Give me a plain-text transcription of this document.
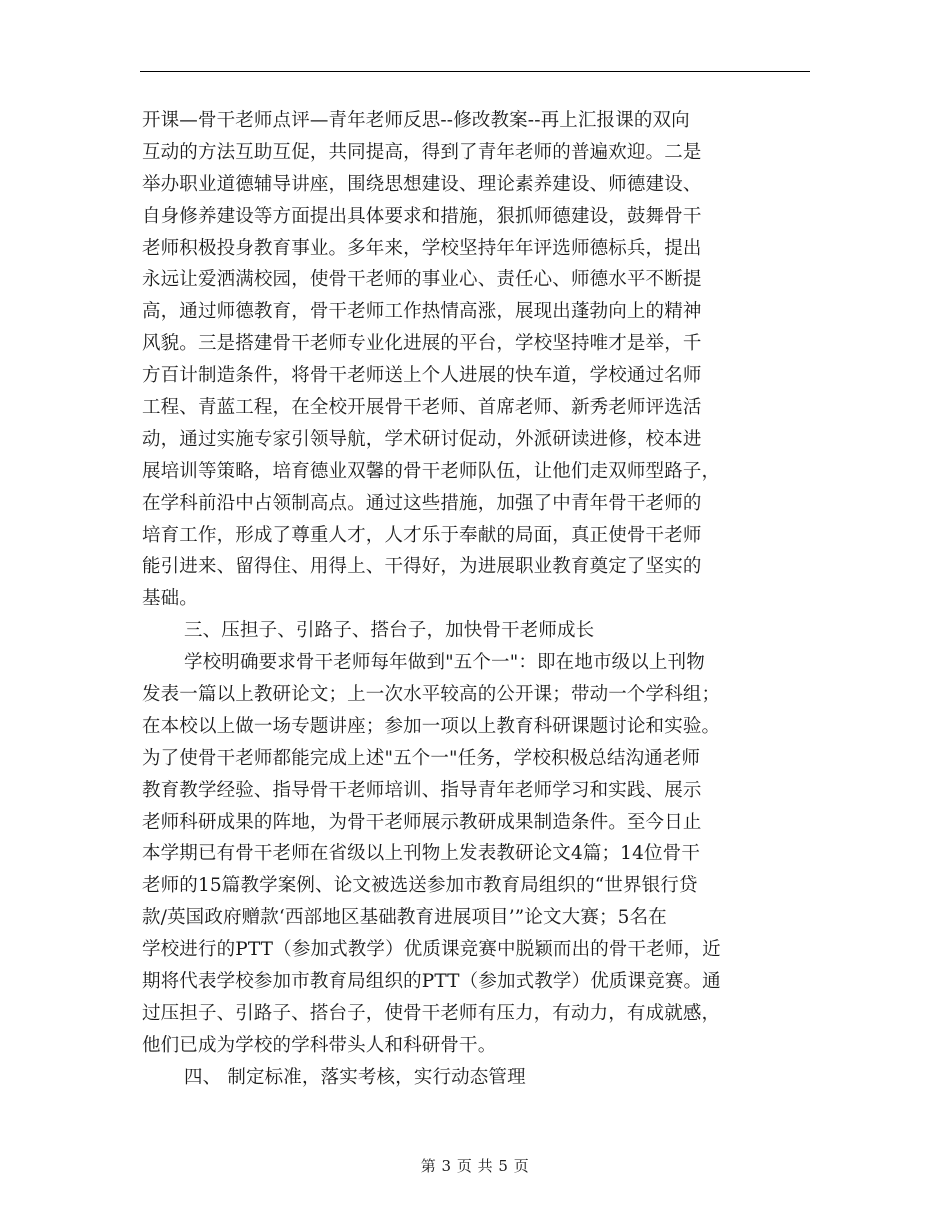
开课—骨干老师点评—青年老师反思--修改教案--再上汇报课的双向
互动的方法互助互促，共同提高，得到了青年老师的普遍欢迎。二是
举办职业道德辅导讲座，围绕思想建设、理论素养建设、师德建设、
自身修养建设等方面提出具体要求和措施，狠抓师德建设，鼓舞骨干
老师积极投身教育事业。多年来，学校坚持年年评选师德标兵，提出
永远让爱洒满校园，使骨干老师的事业心、责任心、师德水平不断提
高，通过师德教育，骨干老师工作热情高涨，展现出蓬勃向上的精神
风貌。三是搭建骨干老师专业化进展的平台，学校坚持唯才是举，千
方百计制造条件，将骨干老师送上个人进展的快车道，学校通过名师
工程、青蓝工程，在全校开展骨干老师、首席老师、新秀老师评选活
动，通过实施专家引领导航，学术研讨促动，外派研读进修，校本进
展培训等策略，培育德业双馨的骨干老师队伍，让他们走双师型路子，
在学科前沿中占领制高点。通过这些措施，加强了中青年骨干老师的
培育工作，形成了尊重人才，人才乐于奉献的局面，真正使骨干老师
能引进来、留得住、用得上、干得好，为进展职业教育奠定了坚实的
基础。
三、压担子、引路子、搭台子，加快骨干老师成长
学校明确要求骨干老师每年做到"五个一"：即在地市级以上刊物
发表一篇以上教研论文；上一次水平较高的公开课；带动一个学科组；
在本校以上做一场专题讲座；参加一项以上教育科研课题讨论和实验。
为了使骨干老师都能完成上述"五个一"任务，学校积极总结沟通老师
教育教学经验、指导骨干老师培训、指导青年老师学习和实践、展示
老师科研成果的阵地，为骨干老师展示教研成果制造条件。至今日止
本学期已有骨干老师在省级以上刊物上发表教研论文4篇；14位骨干
老师的15篇教学案例、论文被选送参加市教育局组织的“世界银行贷
款/英国政府赠款‘西部地区基础教育进展项目’”论文大赛；5名在
学校进行的PTT（参加式教学）优质课竞赛中脱颖而出的骨干老师，近
期将代表学校参加市教育局组织的PTT（参加式教学）优质课竞赛。通
过压担子、引路子、搭台子，使骨干老师有压力，有动力，有成就感，
他们已成为学校的学科带头人和科研骨干。
四、 制定标准，落实考核，实行动态管理
第 3 页 共 5 页
